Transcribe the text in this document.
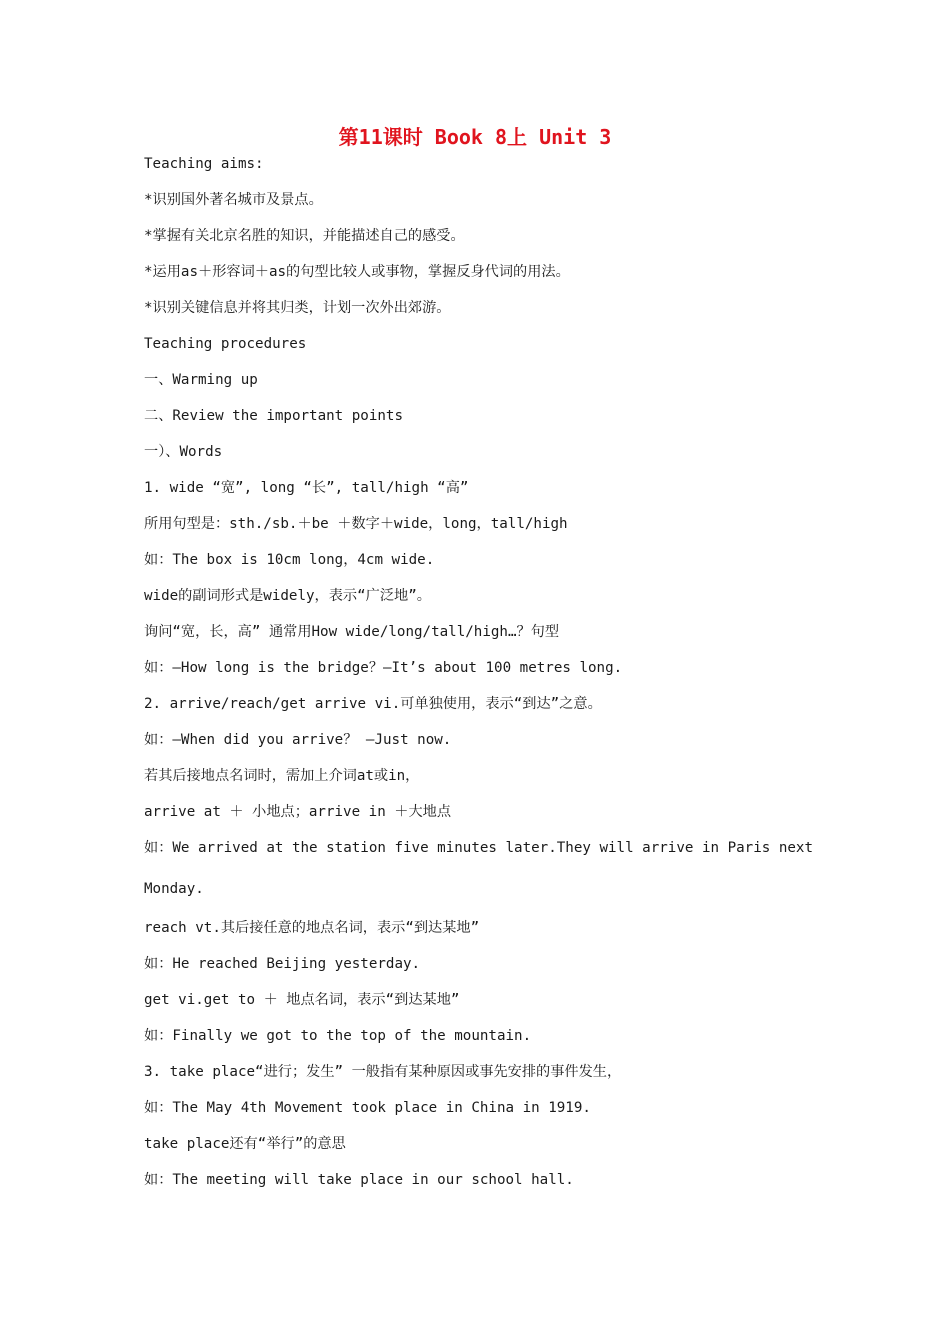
第11课时 Book 8上 Unit 3
Teaching aims:
*识别国外著名城市及景点。
*掌握有关北京名胜的知识，并能描述自己的感受。
*运用as＋形容词＋as的句型比较人或事物，掌握反身代词的用法。
*识别关键信息并将其归类，计划一次外出郊游。
Teaching procedures
一、Warming up
二、Review the important points
一）、Words
1. wide “宽”, long “长”, tall/high “高”
所用句型是：sth./sb.＋be ＋数字＋wide，long，tall/high
如：The box is 10cm long，4cm wide.
wide的副词形式是widely，表示“广泛地”。
询问“宽，长，高” 通常用How wide/long/tall/high…？句型
如：—How long is the bridge？—It’s about 100 metres long.
2. arrive/reach/get arrive vi.可单独使用，表示“到达”之意。
如：—When did you arrive？ —Just now.
若其后接地点名词时，需加上介词at或in，
arrive at ＋ 小地点；arrive in ＋大地点
如：We arrived at the station five minutes later.They will arrive in Paris next Monday.
reach vt.其后接任意的地点名词，表示“到达某地”
如：He reached Beijing yesterday.
get vi.get to ＋ 地点名词，表示“到达某地”
如：Finally we got to the top of the mountain.
3. take place“进行；发生” 一般指有某种原因或事先安排的事件发生，
如：The May 4th Movement took place in China in 1919.
take place还有“举行”的意思
如：The meeting will take place in our school hall.
